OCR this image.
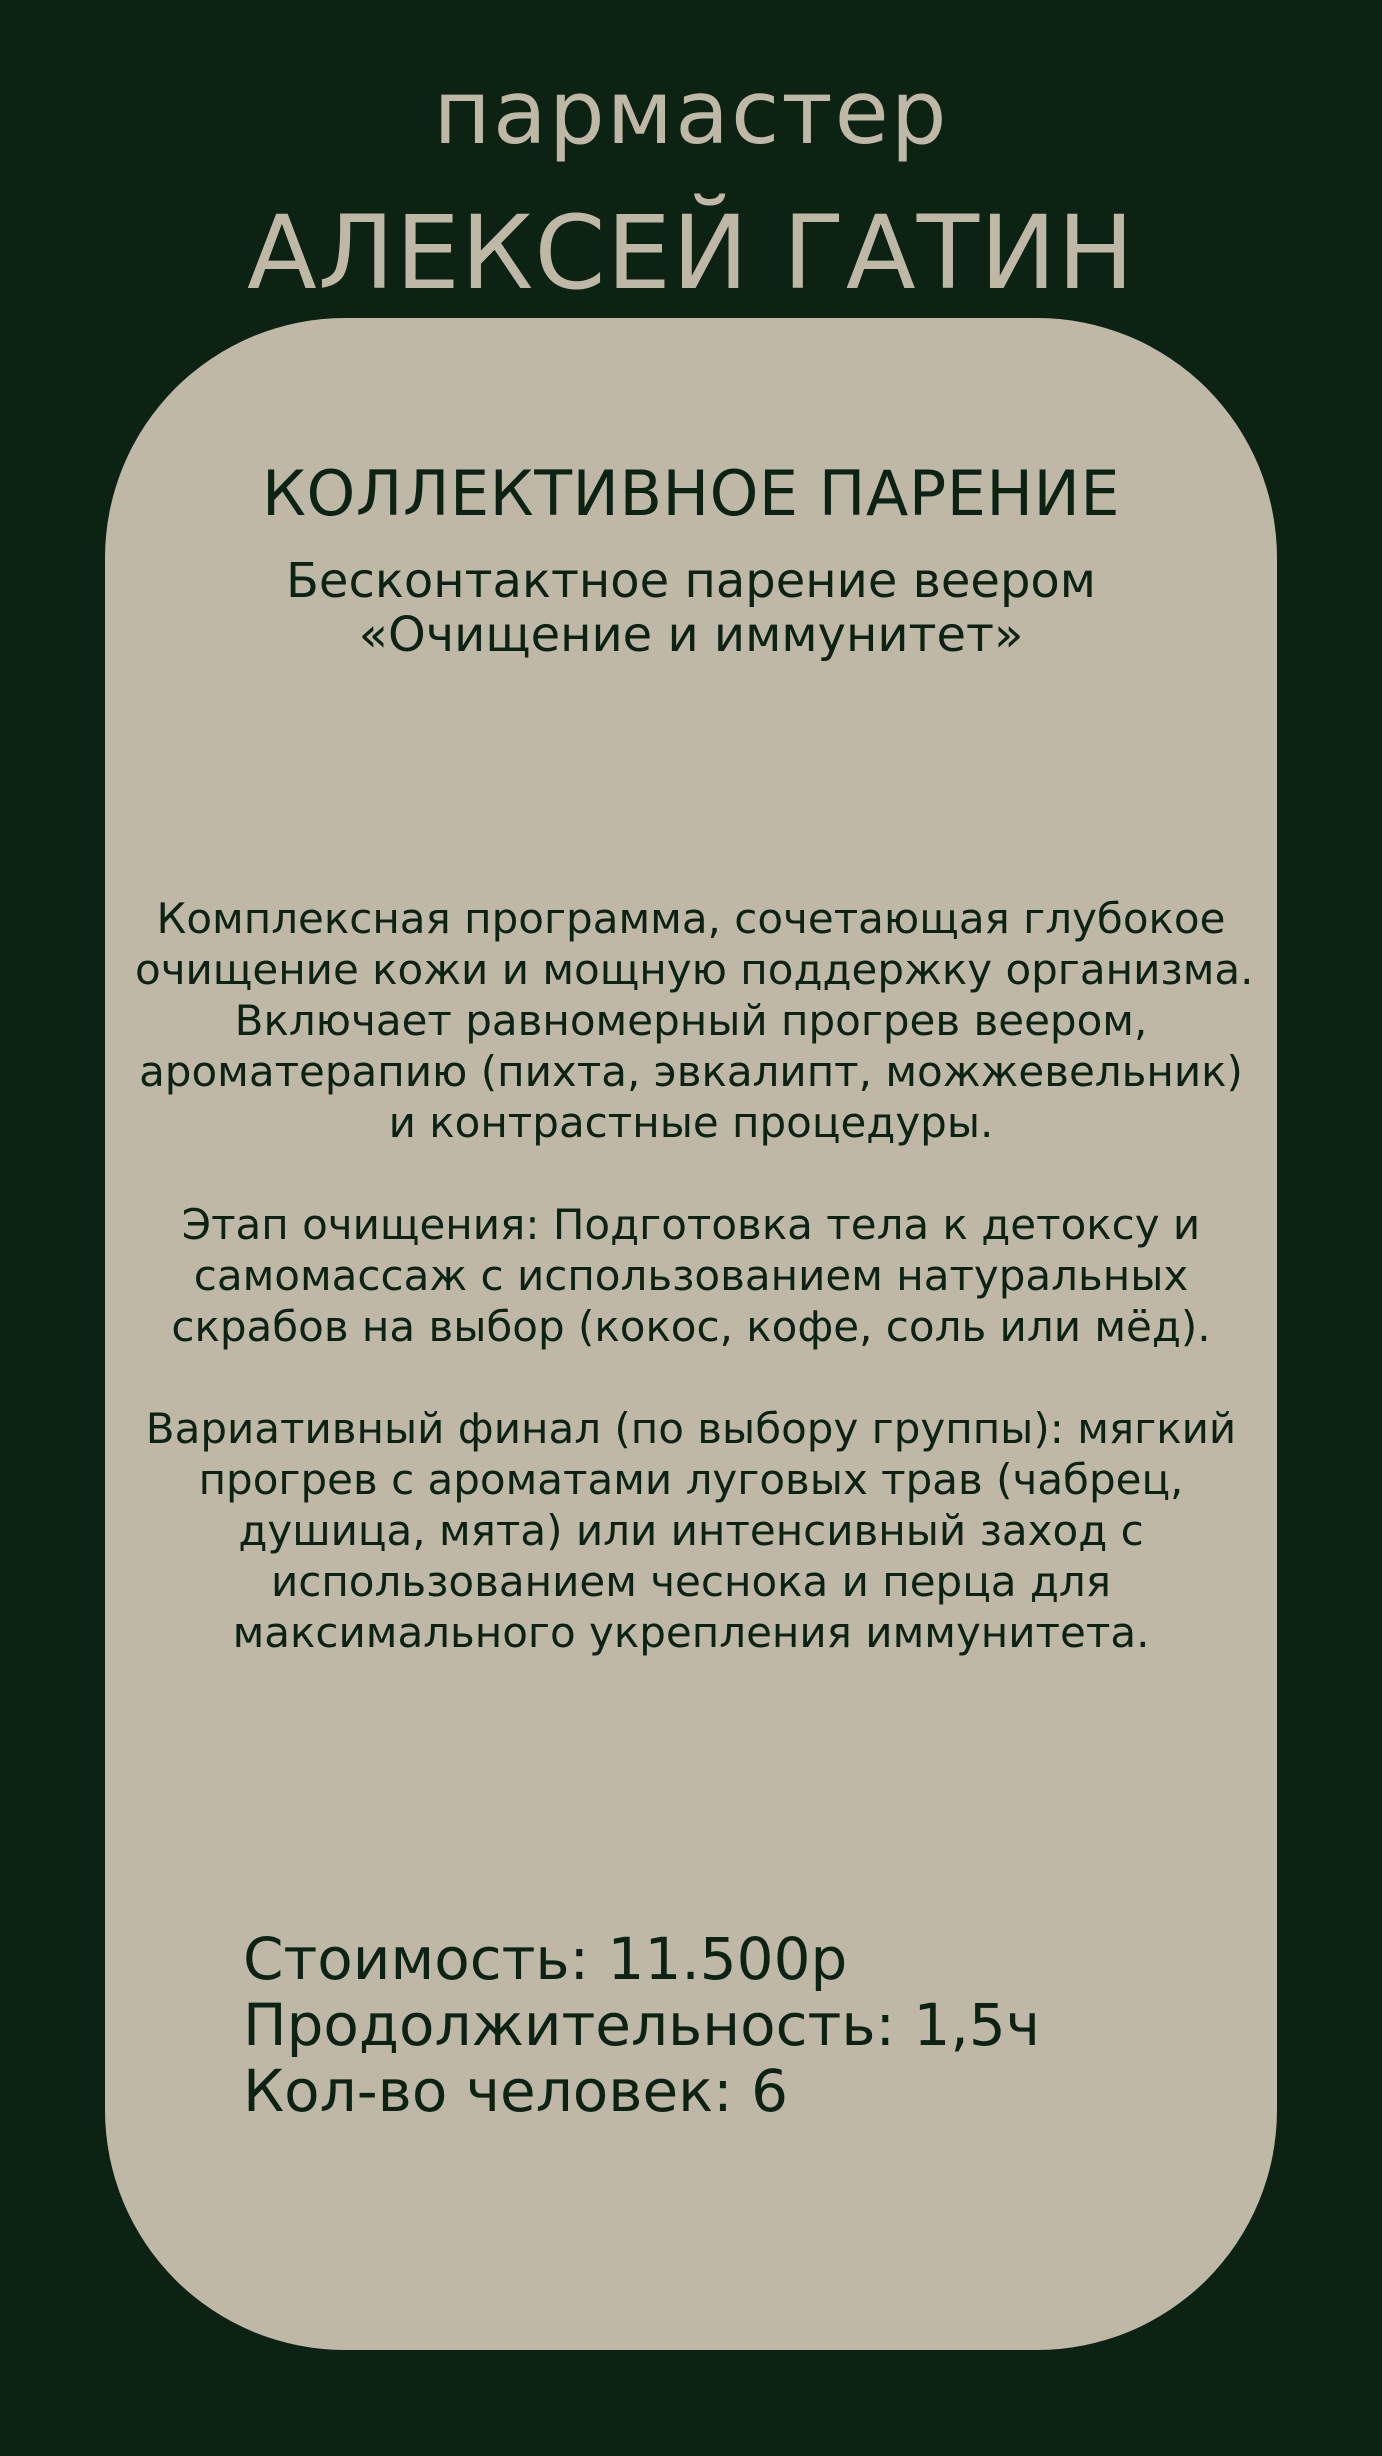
пармастер
АЛЕКСЕЙ ГАТИН
КОЛЛЕКТИВНОЕ ПАРЕНИЕ
Бесконтактное парение веером
«Очищение и иммунитет»

Комплексная программа, сочетающая глубокое
очищение кожи и мощную поддержку организма.
Включает равномерный прогрев веером,
ароматерапию (пихта, эвкалипт, можжевельник)
и контрастные процедуры.

Этап очищения: Подготовка тела к детоксу и
самомассаж с использованием натуральных
скрабов на выбор (кокос, кофе, соль или мёд).

Вариативный финал (по выбору группы): мягкий
прогрев с ароматами луговых трав (чабрец,
душица, мята) или интенсивный заход с
использованием чеснока и перца для
максимального укрепления иммунитета.

Стоимость: 11.500р
Продолжительность: 1,5ч
Кол-во человек: 6
